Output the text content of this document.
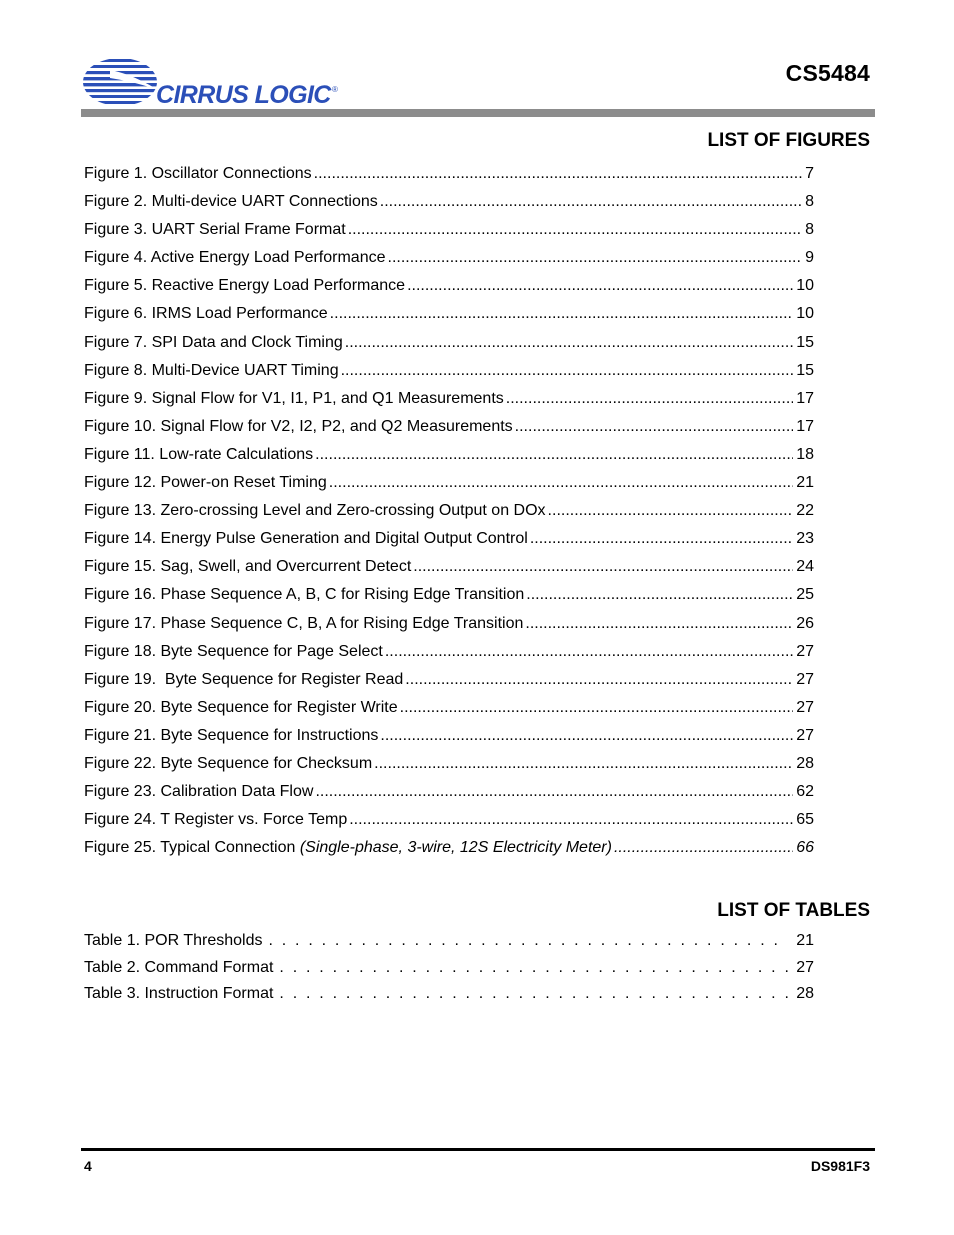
CIRRUS LOGIC ®
CS5484
LIST OF FIGURES
Figure 1. Oscillator Connections .....	7
Figure 2. Multi-device UART Connections .....	8
Figure 3. UART Serial Frame Format .....	8
Figure 4. Active Energy Load Performance .....	9
Figure 5. Reactive Energy Load Performance .....	10
Figure 6. IRMS Load Performance .....	10
Figure 7. SPI Data and Clock Timing .....	15
Figure 8. Multi-Device UART Timing .....	15
Figure 9. Signal Flow for V1, I1, P1, and Q1 Measurements .....	17
Figure 10. Signal Flow for V2, I2, P2, and Q2 Measurements .....	17
Figure 11. Low-rate Calculations .....	18
Figure 12. Power-on Reset Timing .....	21
Figure 13. Zero-crossing Level and Zero-crossing Output on DOx .....	22
Figure 14. Energy Pulse Generation and Digital Output Control .....	23
Figure 15. Sag, Swell, and Overcurrent Detect .....	24
Figure 16. Phase Sequence A, B, C for Rising Edge Transition .....	25
Figure 17. Phase Sequence C, B, A for Rising Edge Transition .....	26
Figure 18. Byte Sequence for Page Select .....	27
Figure 19.  Byte Sequence for Register Read .....	27
Figure 20. Byte Sequence for Register Write .....	27
Figure 21. Byte Sequence for Instructions .....	27
Figure 22. Byte Sequence for Checksum .....	28
Figure 23. Calibration Data Flow .....	62
Figure 24. T Register vs. Force Temp .....	65
Figure 25. Typical Connection (Single-phase, 3-wire, 12S Electricity Meter) .....	66
LIST OF TABLES
Table 1. POR Thresholds . . .	21
Table 2. Command Format . . .	27
Table 3. Instruction Format . . .	28
4	DS981F3
